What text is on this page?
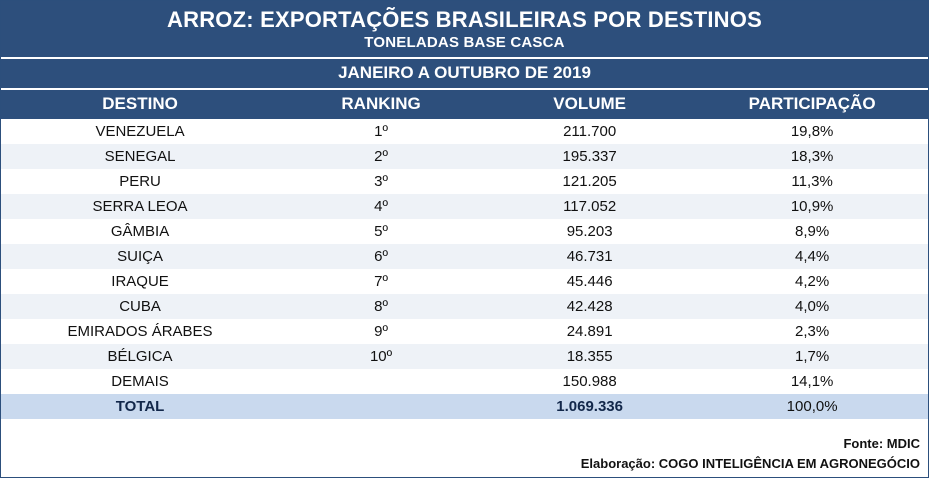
ARROZ: EXPORTAÇÕES BRASILEIRAS POR DESTINOS
TONELADAS BASE CASCA
JANEIRO A OUTUBRO DE 2019
DESTINO	RANKING	VOLUME	PARTICIPAÇÃO
VENEZUELA	1º	211.700	19,8%
SENEGAL	2º	195.337	18,3%
PERU	3º	121.205	11,3%
SERRA LEOA	4º	117.052	10,9%
GÂMBIA	5º	95.203	8,9%
SUIÇA	6º	46.731	4,4%
IRAQUE	7º	45.446	4,2%
CUBA	8º	42.428	4,0%
EMIRADOS ÁRABES	9º	24.891	2,3%
BÉLGICA	10º	18.355	1,7%
DEMAIS		150.988	14,1%
TOTAL		1.069.336	100,0%
Fonte: MDIC
Elaboração: COGO INTELIGÊNCIA EM AGRONEGÓCIO
